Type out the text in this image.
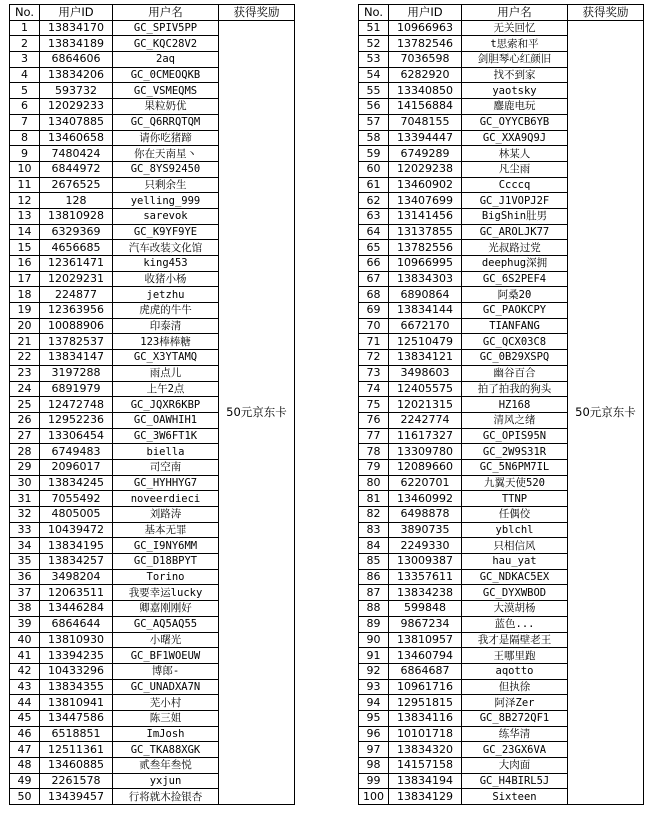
No.	用户ID	用户名	获得奖励
1	13834170	GC_SPIV5PP	50元京东卡
2	13834189	GC_KQC28V2	
3	6864606	2aq	
4	13834206	GC_0CMEOQKB	
5	593732	GC_VSMEQMS	
6	12029233	果粒奶优	
7	13407885	GC_Q6RRQTQM	
8	13460658	请你吃猪蹄	
9	7480424	你在天南星丶	
10	6844972	GC_8YS92450	
11	2676525	只剩余生	
12	128	yelling_999	
13	13810928	sarevok	
14	6329369	GC_K9YF9YE	
15	4656685	汽车改装文化馆	
16	12361471	king453	
17	12029231	收猪小杨	
18	224877	jetzhu	
19	12363956	虎虎的牛牛	
20	10088906	印泰清	
21	13782537	123棒棒糖	
22	13834147	GC_X3YTAMQ	
23	3197288	雨点儿	
24	6891979	上午2点	
25	12472748	GC_JQXR6KBP	
26	12952236	GC_OAWHIH1	
27	13306454	GC_3W6FT1K	
28	6749483	biella	
29	2096017	司空南	
30	13834245	GC_HYHHYG7	
31	7055492	noveerdieci	
32	4805005	刘路涛	
33	10439472	基本无罪	
34	13834195	GC_I9NY6MM	
35	13834257	GC_D18BPYT	
36	3498204	Torino	
37	12063511	我要幸运lucky	
38	13446284	卿嘉刚刚好	
39	6864644	GC_AQ5AQ55	
40	13810930	小曙光	
41	13394235	GC_BF1WOEUW	
42	10433296	博郎-	
43	13834355	GC_UNADXA7N	
44	13810941	芜小村	
45	13447586	陈三姐	
46	6518851	ImJosh	
47	12511361	GC_TKA88XGK	
48	13460885	贰叁年叁悦	
49	2261578	yxjun	
50	13439457	行将就木捡银杏	
No.	用户ID	用户名	获得奖励
51	10966963	无关回忆	50元京东卡
52	13782546	t思索和平	
53	7036598	剑胆琴心红颜旧	
54	6282920	找不到家	
55	13340850	yaotsky	
56	14156884	鏖鹿电玩	
57	7048155	GC_OYYCB6YB	
58	13394447	GC_XXA9Q9J	
59	6749289	林某人	
60	12029238	凡尘雨	
61	13460902	Ccccq	
62	13407699	GC_J1VOPJ2F	
63	13141456	BigShin肚男	
64	13137855	GC_AROLJK77	
65	13782556	光叔路过党	
66	10966995	deephug深拥	
67	13834303	GC_6S2PEF4	
68	6890864	阿桑20	
69	13834144	GC_PAOKCPY	
70	6672170	TIANFANG	
71	12510479	GC_QCX03C8	
72	13834121	GC_0B29XSPQ	
73	3498603	幽谷百合	
74	12405575	拍了拍我的狗头	
75	12021315	HZ168	
76	2242774	清风之绪	
77	11617327	GC_OPIS95N	
78	13309780	GC_2W9S31R	
79	12089660	GC_5N6PM7IL	
80	6220701	九翼天使520	
81	13460992	TTNP	
82	6498878	任偶佼	
83	3890735	yblchl	
84	2249330	只相信风	
85	13009387	hau_yat	
86	13357611	GC_NDKAC5EX	
87	13834238	GC_DYXWBOD	
88	599848	大漠胡杨	
89	9867234	蓝色...	
90	13810957	我才是隔壁老王	
91	13460794	王哪里跑	
92	6864687	aqotto	
93	10961716	但执徐	
94	12951815	阿泽Zer	
95	13834116	GC_8B272QF1	
96	10101718	练华清	
97	13834320	GC_23GX6VA	
98	14157158	大肉面	
99	13834194	GC_H4BIRL5J	
100	13834129	Sixteen	
